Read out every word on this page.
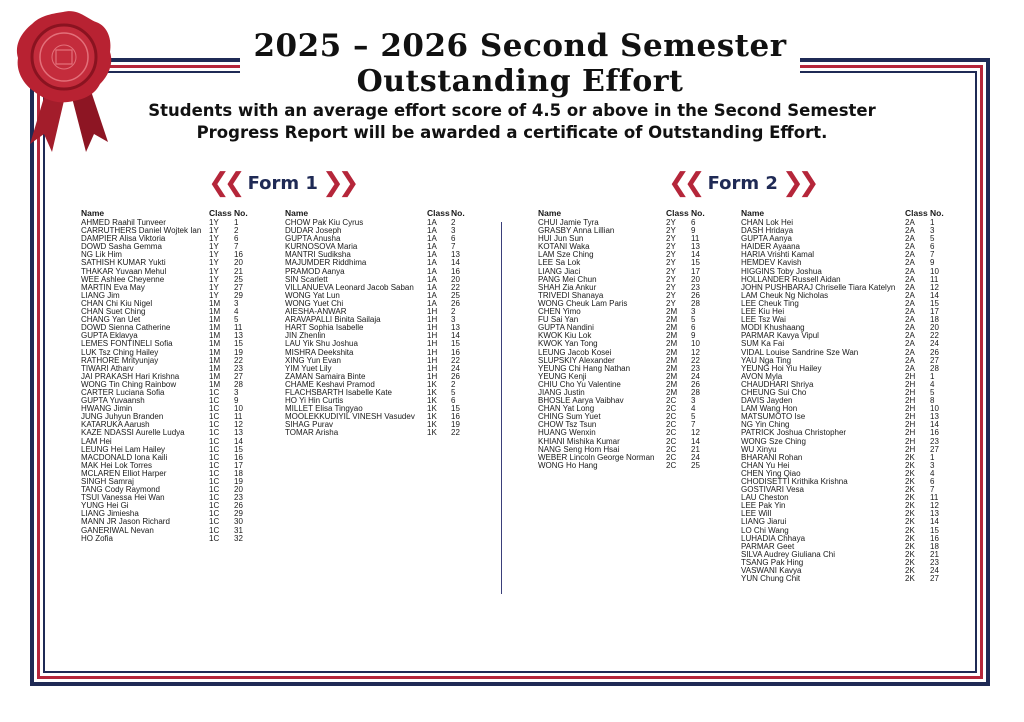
2025 – 2026 Second Semester
Outstanding Effort
Students with an average effort score of 4.5 or above in the Second Semester
Progress Report will be awarded a certificate of Outstanding Effort.
❮❮ Form 1 ❯❯	❮❮ Form 2 ❯❯
Name	Class No.
AHMED Raahil Tunveer	1Y 1
CARRUTHERS Daniel Wojtek Ian 1Y 2
DAMPIER Alisa Viktoria	1Y 6
DOWD Sasha Gemma	1Y 7
NG Lik Him	1Y 16
SATHISH KUMAR Yukti	1Y 20
THAKAR Yuvaan Mehul	1Y 21
WEE Ashlee Cheyenne	1Y 25
MARTIN Eva May	1Y 27
LIANG Jim	1Y 29
CHAN Chi Kiu Nigel	1M 3
CHAN Suet Ching	1M 4
CHANG Yan Uet	1M 5
DOWD Sienna Catherine	1M 11
GUPTA Eklavya	1M 13
LEMES FONTINELI Sofia	1M 15
LUK Tsz Ching Hailey	1M 19
RATHORE Mrityunjay	1M 22
TIWARI Atharv	1M 23
JAI PRAKASH Hari Krishna	1M 27
WONG Tin Ching Rainbow	1M 28
CARTER Luciana Sofia	1C 3
GUPTA Yuvaansh	1C 9
HWANG Jimin	1C 10
JUNG Juhyun Branden	1C 11
KATARUKA Aarush	1C 12
KAZE NDASSI Aurelle Ludya	1C 13
LAM Hei	1C 14
LEUNG Hei Lam Hailey	1C 15
MACDONALD Iona Kaili	1C 16
MAK Hei Lok Torres	1C 17
MCLAREN Elliot Harper	1C 18
SINGH Samraj	1C 19
TANG Cody Raymond	1C 20
TSUI Vanessa Hei Wan	1C 23
YUNG Hei Gi	1C 26
LIANG Jimiesha	1C 29
MANN JR Jason Richard	1C 30
GANERIWAL Nevan	1C 31
HO Zofia	1C 32
Name	Class No.
CHOW Pak Kiu Cyrus	1A 2
DUDAR Joseph	1A 3
GUPTA Anusha	1A 6
KURNOSOVA Maria	1A 7
MANTRI Sudiksha	1A 13
MAJUMDER Riddhima	1A 14
PRAMOD Aanya	1A 16
SIN Scarlett	1A 20
VILLANUEVA Leonard Jacob Saban 1A 22
WONG Yat Lun	1A 25
WONG Yuet Chi	1A 26
AIESHA-ANWAR	1H 2
ARAVAPALLI Binita Sailaja	1H 3
HART Sophia Isabelle	1H 13
JIN Zhenlin	1H 14
LAU Yik Shu Joshua	1H 15
MISHRA Deekshita	1H 16
XING Yun Evan	1H 22
YIM Yuet Lily	1H 24
ZAMAN Samaira Binte	1H 26
CHAME Keshavi Pramod	1K 2
FLACHSBARTH Isabelle Kate	1K 5
HO Yi Hin Curtis	1K 6
MILLET Elisa Tingyao	1K 15
MOOLEKKUDIYIL VINESH Vasudev 1K 16
SIHAG Purav	1K 19
TOMAR Arisha	1K 22
Name	Class No.
CHUI Jamie Tyra	2Y 6
GRASBY Anna Lillian	2Y 9
HUI Jun Sun	2Y 11
KOTANI Waka	2Y 13
LAM Sze Ching	2Y 14
LEE Sa Lok	2Y 15
LIANG Jiaci	2Y 17
PANG Mei Chun	2Y 20
SHAH Zia Ankur	2Y 23
TRIVEDI Shanaya	2Y 26
WONG Cheuk Lam Paris	2Y 28
CHEN Yimo	2M 3
FU Sai Yan	2M 5
GUPTA Nandini	2M 6
KWOK Kiu Lok	2M 9
KWOK Yan Tong	2M 10
LEUNG Jacob Kosei	2M 12
SLUPSKIY Alexander	2M 22
YEUNG Chi Hang Nathan	2M 23
YEUNG Kenji	2M 24
CHIU Cho Yu Valentine	2M 26
JIANG Justin	2M 28
BHOSLE Aarya Vaibhav	2C 3
CHAN Yat Long	2C 4
CHING Sum Yuet	2C 5
CHOW Tsz Tsun	2C 7
HUANG Wenxin	2C 12
KHIANI Mishika Kumar	2C 14
NANG Seng Hom Hsai	2C 21
WEBER Lincoln George Norman 2C 24
WONG Ho Hang	2C 25
Name	Class No.
CHAN Lok Hei	2A 1
DASH Hridaya	2A 3
GUPTA Aanya	2A 5
HAIDER Ayaana	2A 6
HARIA Vrishti Kamal	2A 7
HEMDEV Kavish	2A 9
HIGGINS Toby Joshua	2A 10
HOLLANDER Russell Aidan	2A 11
JOHN PUSHBARAJ Chriselle Tiara Katelyn 2A 12
LAM Cheuk Ng Nicholas	2A 14
LEE Cheuk Ting	2A 15
LEE Kiu Hei	2A 17
LEE Tsz Wai	2A 18
MODI Khushaang	2A 20
PARMAR Kavya Vipul	2A 22
SUM Ka Fai	2A 24
VIDAL Louise Sandrine Sze Wan	2A 26
YAU Nga Ting	2A 27
YEUNG Hoi Yiu Hailey	2A 28
AVON Myla	2H 1
CHAUDHARI Shriya	2H 4
CHEUNG Sui Cho	2H 5
DAVIS Jayden	2H 8
LAM Wang Hon	2H 10
MATSUMOTO Ise	2H 13
NG Yin Ching	2H 14
PATRICK Joshua Christopher	2H 16
WONG Sze Ching	2H 23
WU Xinyu	2H 27
BHARANI Rohan	2K 1
CHAN Yu Hei	2K 3
CHEN Ying Qiao	2K 4
CHODISETTI Krithika Krishna	2K 6
GOSTIVARI Vesa	2K 7
LAU Cheston	2K 11
LEE Pak Yin	2K 12
LEE Will	2K 13
LIANG Jiarui	2K 14
LO Chi Wang	2K 15
LUHADIA Chhaya	2K 16
PARMAR Geet	2K 18
SILVA Audrey Giuliana Chi	2K 21
TSANG Pak Hing	2K 23
VASWANI Kavya	2K 24
YUN Chung Chit	2K 27
